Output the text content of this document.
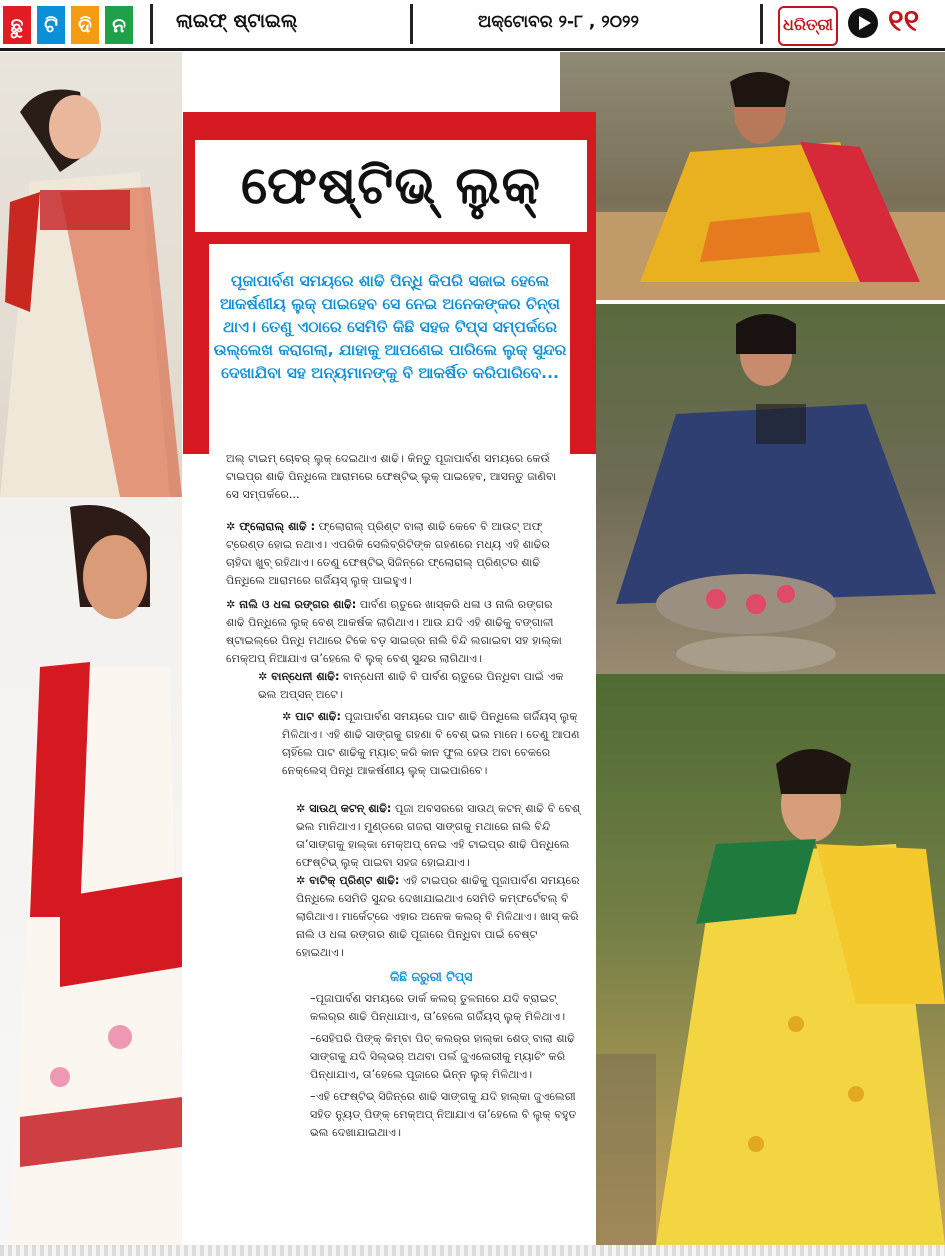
ଛୁ	ଟି	ଦି	ନ	ଲାଇଫ୍ ଷ୍ଟାଇଲ୍	ଅକ୍ଟୋବର ୨-୮ , ୨୦୨୨	ଧରିତ୍ରୀ ୧୧
ଫେଷ୍ଟିଭ୍ ଲୁକ୍
ପୂଜାପାର୍ବଣ ସମୟରେ ଶାଢି ପିନ୍ଧି କିପରି ସଜାଇ ହେଲେ ଆକର୍ଷଣୀୟ ଲୁକ୍ ପାଇହେବ ସେ ନେଇ ଅନେକଙ୍କର ଚିନ୍ତା ଥାଏ। ତେଣୁ ଏଠାରେ ସେମିତି କିଛି ସହଜ ଟିପ୍ସ ସମ୍ପର୍କରେ ଉଲ୍ଲେଖ କରାଗଲା, ଯାହାକୁ ଆପଣେଇ ପାରିଲେ ଲୁକ୍ ସୁନ୍ଦର ଦେଖାଯିବା ସହ ଅନ୍ୟମାନଙ୍କୁ ବି ଆକର୍ଷିତ କରିପାରିବେ...
ଅଲ୍ ଟାଇମ୍ ଚୋବର୍ ଲୁକ୍ ଦେଇଥାଏ ଶାଢି। କିନ୍ତୁ ପୂଜାପାର୍ବଣ ସମୟରେ କେଉଁ ଟାଇପ୍‌ର ଶାଢି ପିନ୍ଧିଲେ ଆରାମରେ ଫେଷ୍ଟିଭ୍ ଲୁକ୍ ପାଇହେବ, ଆସନ୍ତୁ ଜାଣିବା ସେ ସମ୍ପର୍କରେ...
✲ ଫ୍ଲୋରାଲ୍ ଶାଢି : ଫ୍ଲୋରାଲ୍ ପ୍ରିଣ୍ଟ ବାଲା ଶାଢି କେବେ ବି ଆଉଟ୍ ଅଫ୍ ଟ୍ରେଣ୍ଡ ହୋଇ ନଥାଏ। ଏପରିକି ସେଲିବ୍ରିଟିଙ୍କ ଗହଣରେ ମଧ୍ୟ ଏହି ଶାଢିର ଚାହିଦା ଖୁବ୍ ରହିଥାଏ। ତେଣୁ ଫେଷ୍ଟିଭ୍ ସିଜିନ୍‌ରେ ଫ୍ଲୋରାଲ୍ ପ୍ରିଣ୍ଟର ଶାଢି ପିନ୍ଧିଲେ ଆରାମରେ ଗର୍ଜିୟସ୍ ଲୁକ୍ ପାଇହୁଏ।
✲ ନାଲି ଓ ଧଳା ରଙ୍ଗର ଶାଢି: ପାର୍ବଣ ଋତୁରେ ଖାସ୍‌କରି ଧଳା ଓ ନାଲି ରଙ୍ଗର ଶାଢି ପିନ୍ଧିଲେ ଲୁକ୍ ବେଶ୍ ଆକର୍ଷକ ଲାଗିଥାଏ। ଆଉ ଯଦି ଏହି ଶାଢିକୁ ବଙ୍ଗାଳୀ ଷ୍ଟାଇଲ୍‌ରେ ପିନ୍ଧି ମଥାରେ ଟିକେ ବଡ଼ ସାଇଜ୍‌ର ନାଲି ବିନ୍ଦି ଲଗାଇବା ସହ ହାଲ୍‌କା ମେକ୍‌ଅପ୍ ନିଆଯାଏ ତା’ହେଲେ ବି ଲୁକ୍ ବେଶ୍ ସୁନ୍ଦର ଲାଗିଥାଏ।
✲ ବାନ୍ଧେନୀ ଶାଢି: ବାନ୍ଧେନୀ ଶାଢି ବି ପାର୍ବଣ ଋତୁରେ ପିନ୍ଧିବା ପାଇଁ ଏକ ଭଲ ଅପ୍ସନ୍ ଅଟେ।
✲ ପାଟ ଶାଢି: ପୂଜାପାର୍ବଣ ସମୟରେ ପାଟ ଶାଢି ପିନ୍ଧିଲେ ଗର୍ଜିୟସ୍ ଲୁକ୍ ମିଳିଥାଏ। ଏହି ଶାଢି ସାଙ୍ଗକୁ ଗହଣା ବି ବେଶ୍ ଭଲ ମାନେ। ତେଣୁ ଆପଣ ଚାହିଁଲେ ପାଟ ଶାଢିକୁ ମ୍ୟାଚ୍ କରି କାନ ଫୁଲ ହେଉ ଅବା ବେକରେ ନେକ୍‌ଲେସ୍ ପିନ୍ଧି ଆକର୍ଷଣୀୟ ଲୁକ୍ ପାଇପାରିବେ।
✲ ସାଉଥ୍ କଟନ୍ ଶାଢି: ପୂଜା ଅବସରରେ ସାଉଥ୍ କଟନ୍ ଶାଢି ବି ବେଶ୍ ଭଲ ମାନିଥାଏ। ମୁଣ୍ଡରେ ଗଜରା ସାଙ୍ଗକୁ ମଥାରେ ନାଲି ବିନ୍ଦି ତା’ସାଙ୍ଗକୁ ହାଲ୍‌କା ମେକ୍‌ଅପ୍ ନେଇ ଏହି ଟାଇପ୍ର ଶାଢି ପିନ୍ଧିଲେ ଫେଷ୍ଟିଭ୍ ଲୁକ୍ ପାଇବା ସହଜ ହୋଇଯାଏ।
✲ ବାଟିକ୍ ପ୍ରିଣ୍ଟ ଶାଢି: ଏହି ଟାଇପ୍‌ର ଶାଢିକୁ ପୂଜାପାର୍ବଣ ସମୟରେ ପିନ୍ଧିଲେ ସେମିତି ସୁନ୍ଦର ଦେଖାଯାଇଥାଏ ସେମିତି କମ୍ଫର୍ଟେବଲ୍ ବି ଲାଗିଥାଏ। ମାର୍କେଟ୍‌ରେ ଏହାର ଅନେକ କଲର୍ ବି ମିଳିଥାଏ। ଖାସ୍ କରି ନାଲି ଓ ଧଳା ରଙ୍ଗର ଶାଢି ପୂଜାରେ ପିନ୍ଧିବା ପାଇଁ ବେଷ୍ଟ ହୋଇଥାଏ।
କିଛି ଜରୁରୀ ଟିପ୍ସ
–ପୂଜାପାର୍ବଣ ସମୟରେ ଡାର୍କ କଲର୍ ତୁଳନାରେ ଯଦି ବ୍ରାଇଟ୍ କଲର୍‌ର ଶାଢି ପିନ୍ଧାଯାଏ, ତା’ହେଲେ ଗର୍ଜିୟସ୍ ଲୁକ୍ ମିଳିଥାଏ।
–ସେହିପରି ପିଙ୍କ୍ କିମ୍ବା ପିଚ୍ କଲର୍‌ର ହାଲ୍‌କା ଶେଡ୍ ବାଲା ଶାଢି ସାଙ୍ଗକୁ ଯଦି ସିଲ୍‌ଭର୍ ଅଥବା ପର୍ଲ ଜୁଏଲେରୀକୁ ମ୍ୟାଚିଂ କରି ପିନ୍ଧାଯାଏ, ତା’ହେଲେ ପୂଜାରେ ଭିନ୍ନ ଲୁକ୍ ମିଳିଥାଏ।
–ଏହି ଫେଷ୍ଟିଭ୍ ସିଜିନ୍‌ରେ ଶାଢି ସାଙ୍ଗକୁ ଯଦି ହାଲ୍‌କା ଜୁଏଲେରୀ ସହିତ ନ୍ୟୁଡ୍ ପିଙ୍କ୍ ମେକ୍‌ଅପ୍ ନିଆଯାଏ ତା’ହେଲେ ବି ଲୁକ୍ ବହୁତ ଭଲ ଦେଖାଯାଇଥାଏ।
